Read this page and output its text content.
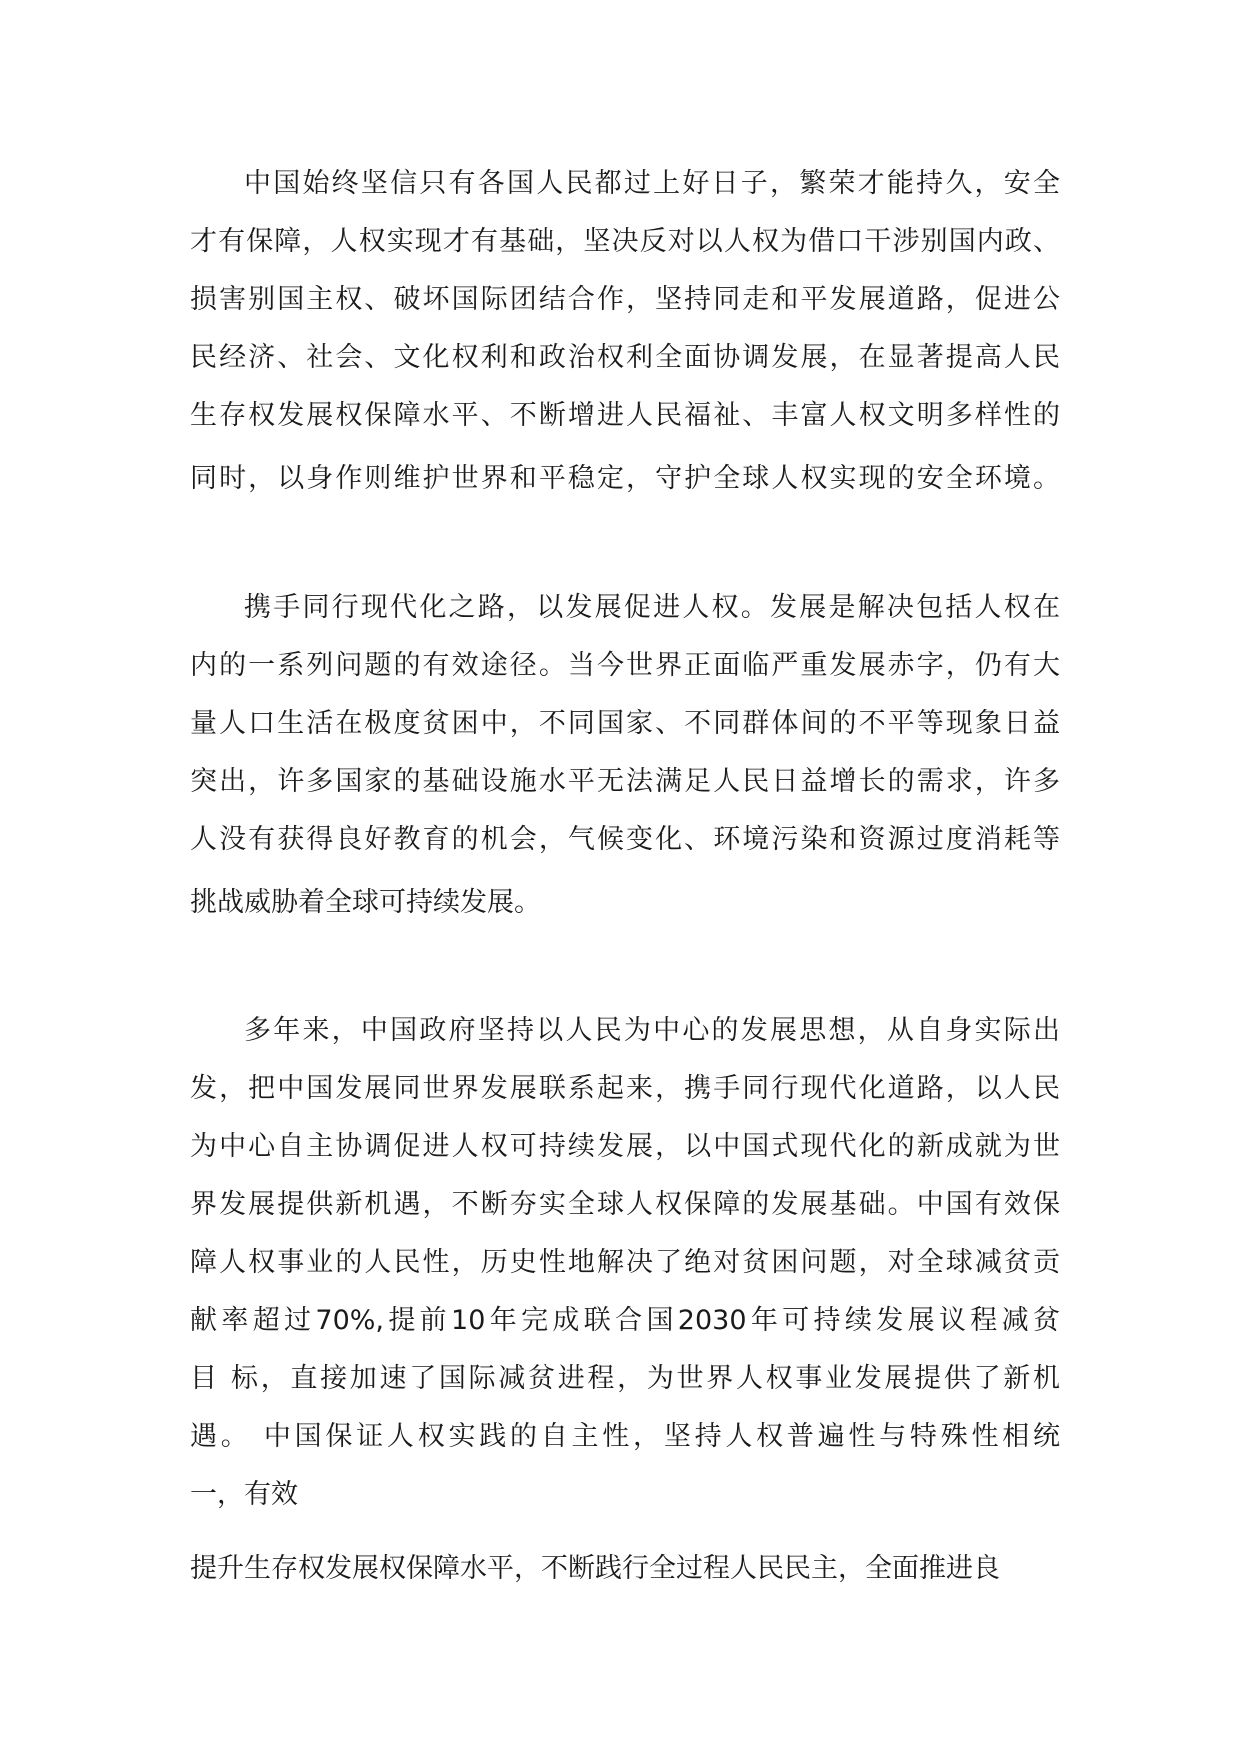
中国始终坚信只有各国人民都过上好日子，繁荣才能持久，安全
才有保障，人权实现才有基础，坚决反对以人权为借口干涉别国内政、
损害别国主权、破坏国际团结合作，坚持同走和平发展道路，促进公
民经济、社会、文化权利和政治权利全面协调发展，在显著提高人民
生存权发展权保障水平、不断增进人民福祉、丰富人权文明多样性的
同时，以身作则维护世界和平稳定，守护全球人权实现的安全环境。
携手同行现代化之路，以发展促进人权。发展是解决包括人权在
内的一系列问题的有效途径。当今世界正面临严重发展赤字，仍有大
量人口生活在极度贫困中，不同国家、不同群体间的不平等现象日益
突出，许多国家的基础设施水平无法满足人民日益增长的需求，许多
人没有获得良好教育的机会，气候变化、环境污染和资源过度消耗等
挑战威胁着全球可持续发展。
多年来，中国政府坚持以人民为中心的发展思想，从自身实际出
发，把中国发展同世界发展联系起来，携手同行现代化道路，以人民
为中心自主协调促进人权可持续发展，以中国式现代化的新成就为世
界发展提供新机遇，不断夯实全球人权保障的发展基础。中国有效保
障人权事业的人民性，历史性地解决了绝对贫困问题，对全球减贫贡
献率超过70%,提前10年完成联合国2030年可持续发展议程减贫
目 标，直接加速了国际减贫进程，为世界人权事业发展提供了新机
遇。 中国保证人权实践的自主性，坚持人权普遍性与特殊性相统
一，有效
提升生存权发展权保障水平，不断践行全过程人民民主，全面推进良
